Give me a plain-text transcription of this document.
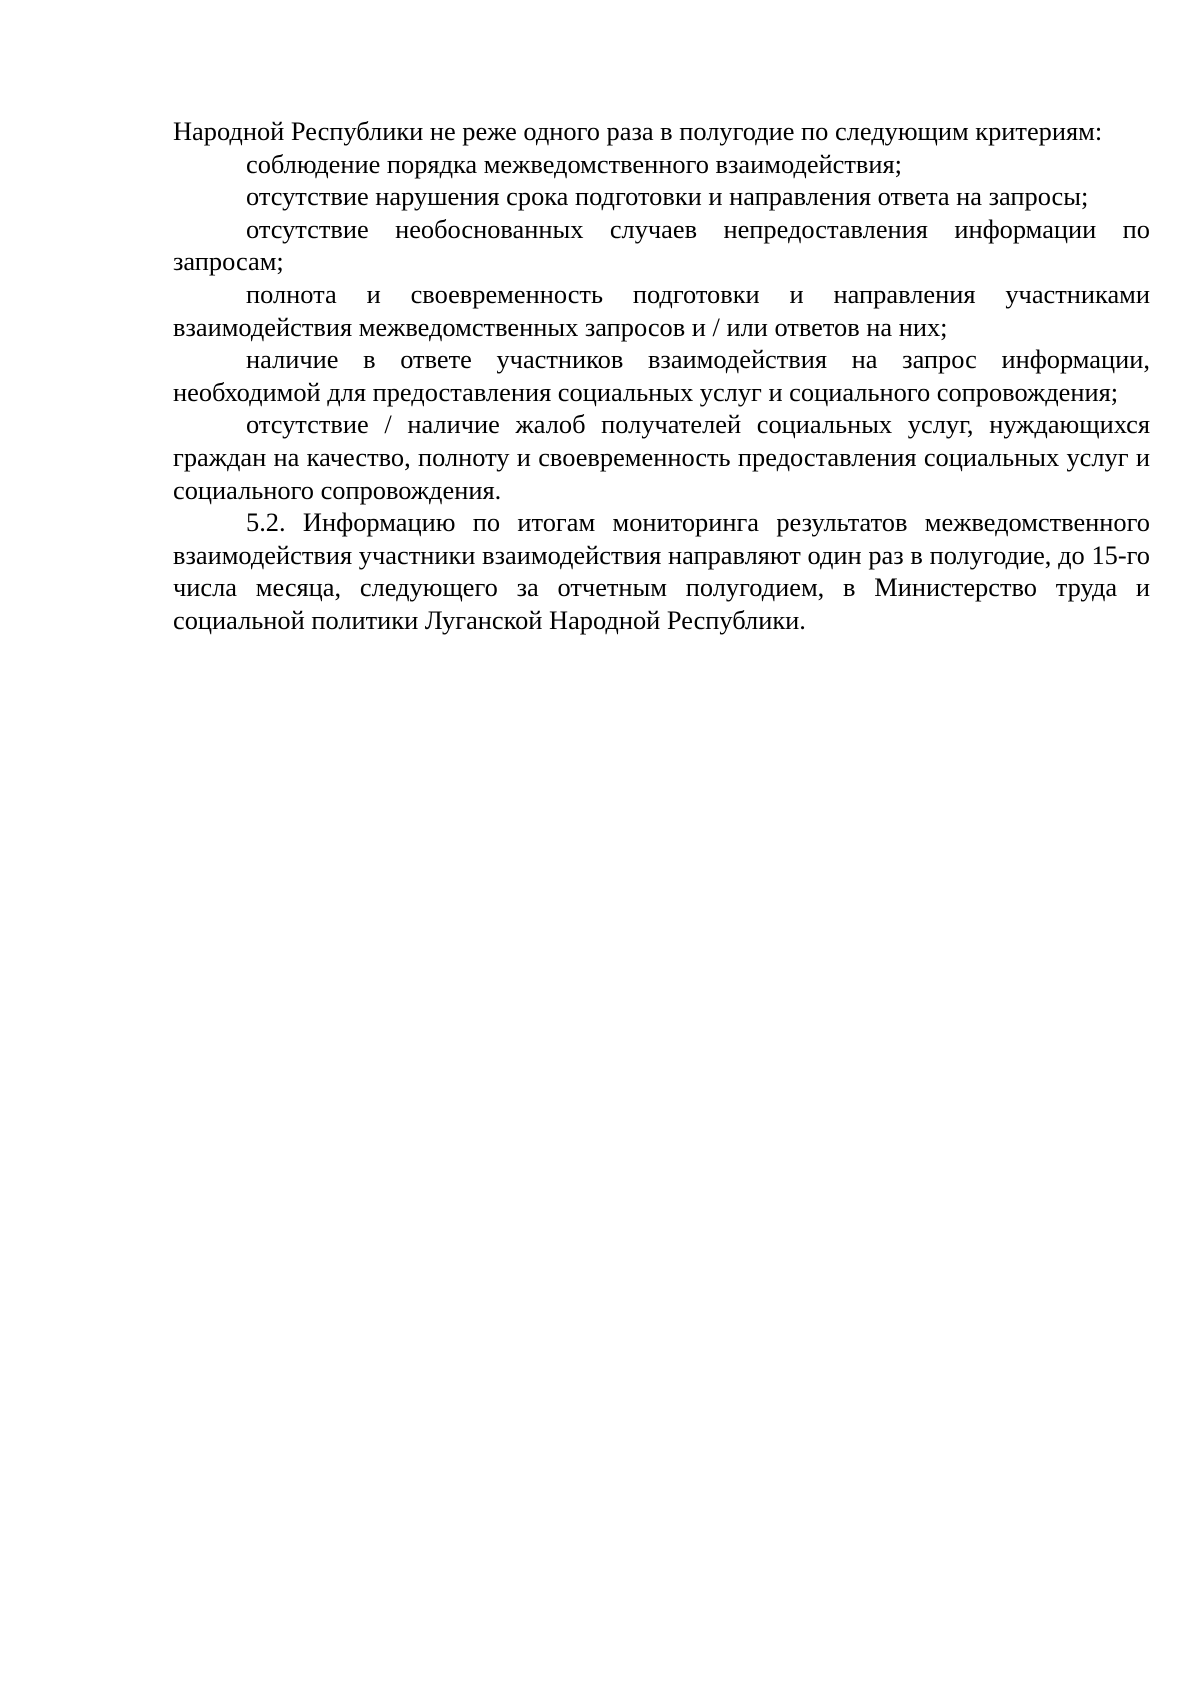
Народной Республики не реже одного раза в полугодие по следующим критериям:

соблюдение порядка межведомственного взаимодействия;

отсутствие нарушения срока подготовки и направления ответа на запросы;

отсутствие необоснованных случаев непредоставления информации по запросам;

полнота и своевременность подготовки и направления участниками взаимодействия межведомственных запросов и / или ответов на них;

наличие в ответе участников взаимодействия на запрос информации, необходимой для предоставления социальных услуг и социального сопровождения;

отсутствие / наличие жалоб получателей социальных услуг, нуждающихся граждан на качество, полноту и своевременность предоставления социальных услуг и социального сопровождения.

5.2. Информацию по итогам мониторинга результатов межведомственного взаимодействия участники взаимодействия направляют один раз в полугодие, до 15-го числа месяца, следующего за отчетным полугодием, в Министерство труда и социальной политики Луганской Народной Республики.
